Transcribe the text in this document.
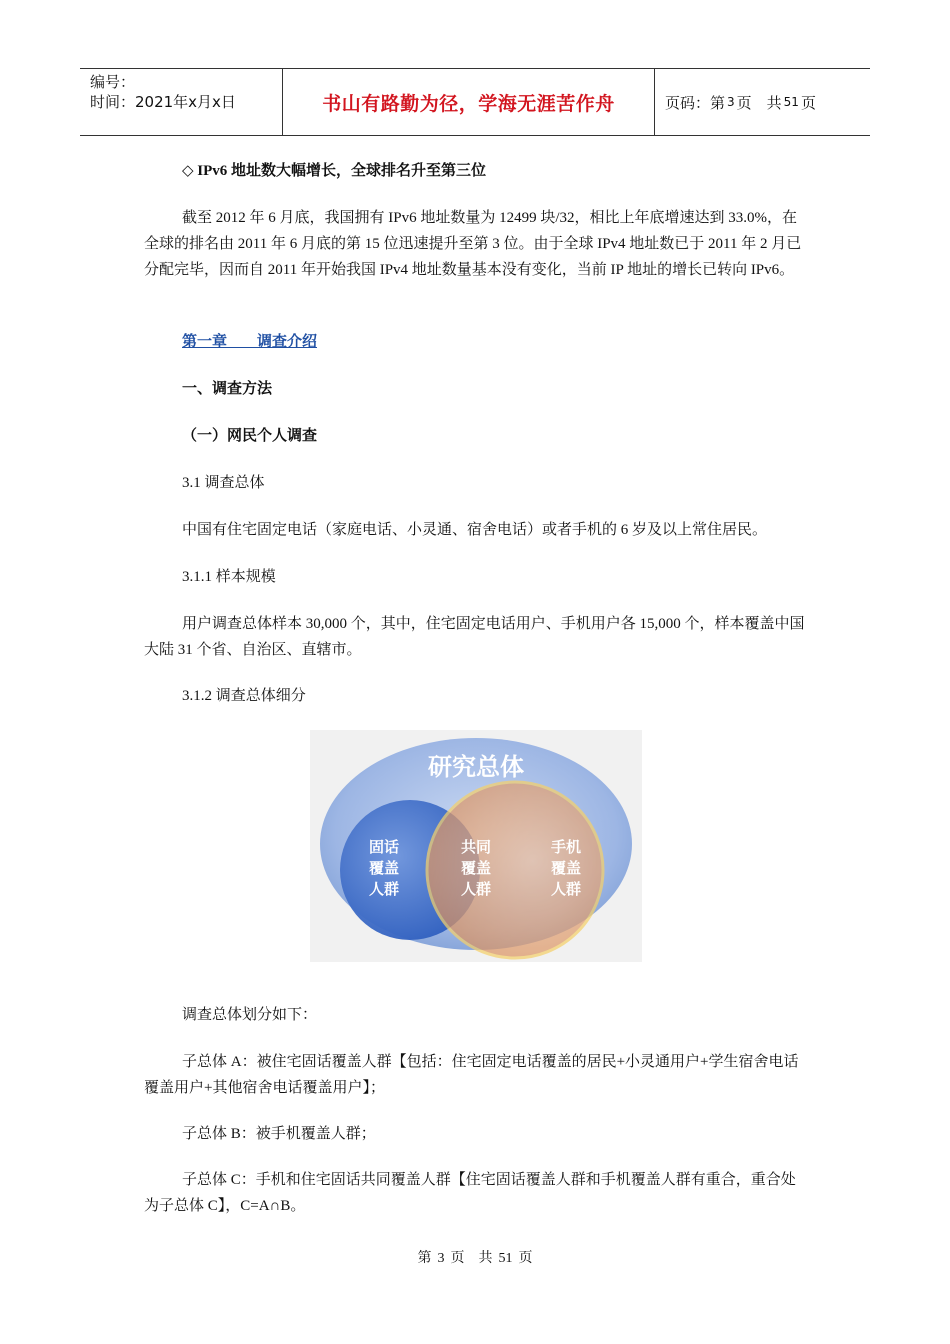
编号：
时间：2021年x月x日	书山有路勤为径，学海无涯苦作舟	页码：第 3 页　共 51 页

◇ IPv6 地址数大幅增长，全球排名升至第三位

截至 2012 年 6 月底，我国拥有 IPv6 地址数量为 12499 块/32，相比上年底增速达到 33.0%，在全球的排名由 2011 年 6 月底的第 15 位迅速提升至第 3 位。由于全球 IPv4 地址数已于 2011 年 2 月已分配完毕，因而自 2011 年开始我国 IPv4 地址数量基本没有变化，当前 IP 地址的增长已转向 IPv6。

第一章　　调查介绍

一、调查方法

（一）网民个人调查

3.1 调查总体

中国有住宅固定电话（家庭电话、小灵通、宿舍电话）或者手机的 6 岁及以上常住居民。

3.1.1 样本规模

用户调查总体样本 30,000 个，其中，住宅固定电话用户、手机用户各 15,000 个，样本覆盖中国大陆 31 个省、自治区、直辖市。

3.1.2 调查总体细分

研究总体
固话
覆盖
人群
共同
覆盖
人群
手机
覆盖
人群

调查总体划分如下：

子总体 A：被住宅固话覆盖人群【包括：住宅固定电话覆盖的居民+小灵通用户+学生宿舍电话覆盖用户+其他宿舍电话覆盖用户】；

子总体 B：被手机覆盖人群；

子总体 C：手机和住宅固话共同覆盖人群【住宅固话覆盖人群和手机覆盖人群有重合，重合处为子总体 C】，C=A∩B。

第 3 页　共 51 页
